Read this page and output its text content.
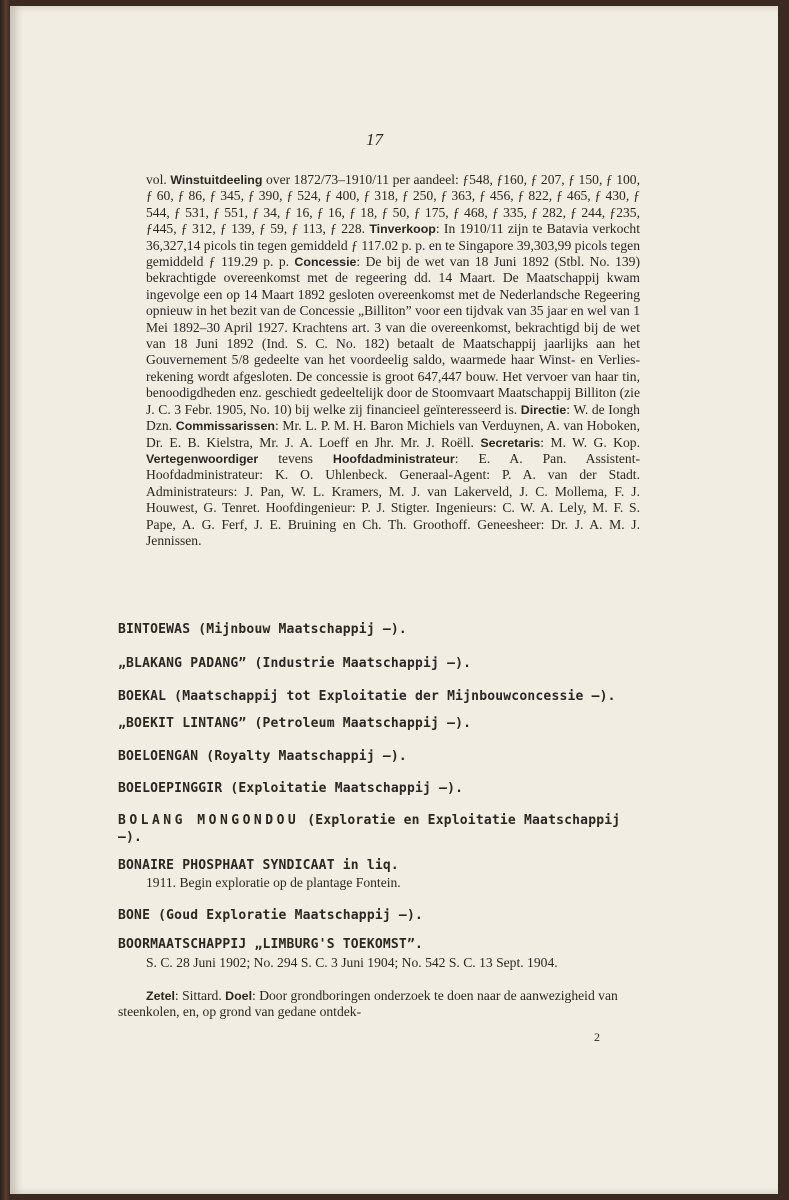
17
vol. Winstuitdeeling over 1872/73–1910/11 per aandeel: ƒ548, ƒ160, ƒ 207, ƒ 150, ƒ 100, ƒ 60, ƒ 86, ƒ 345, ƒ 390, ƒ 524, ƒ 400, ƒ 318, ƒ 250, ƒ 363, ƒ 456, ƒ 822, ƒ 465, ƒ 430, ƒ 544, ƒ 531, ƒ 551, ƒ 34, ƒ 16, ƒ 16, ƒ 18, ƒ 50, ƒ 175, ƒ 468, ƒ 335, ƒ 282, ƒ 244, ƒ235, ƒ445, ƒ 312, ƒ 139, ƒ 59, ƒ 113, ƒ 228. Tinverkoop: In 1910/11 zijn te Batavia verkocht 36,327,14 picols tin tegen gemiddeld ƒ 117.02 p. p. en te Singapore 39,303,99 picols tegen gemiddeld ƒ 119.29 p. p. Concessie: De bij de wet van 18 Juni 1892 (Stbl. No. 139) bekrachtigde overeenkomst met de regeering dd. 14 Maart. De Maatschappij kwam ingevolge een op 14 Maart 1892 gesloten overeenkomst met de Nederlandsche Regeering opnieuw in het bezit van de Concessie „Billiton” voor een tijdvak van 35 jaar en wel van 1 Mei 1892–30 April 1927. Krachtens art. 3 van die overeenkomst, bekrachtigd bij de wet van 18 Juni 1892 (Ind. S. C. No. 182) betaalt de Maatschappij jaarlijks aan het Gouvernement 5/8 gedeelte van het voordeelig saldo, waarmede haar Winst- en Verlies-rekening wordt afgesloten. De concessie is groot 647,447 bouw. Het vervoer van haar tin, benoodigdheden enz. geschiedt gedeeltelijk door de Stoomvaart Maatschappij Billiton (zie J. C. 3 Febr. 1905, No. 10) bij welke zij financieel geïnteresseerd is. Directie: W. de Iongh Dzn. Commissarissen: Mr. L. P. M. H. Baron Michiels van Verduynen, A. van Hoboken, Dr. E. B. Kielstra, Mr. J. A. Loeff en Jhr. Mr. J. Roëll. Secretaris: M. W. G. Kop. Vertegenwoordiger tevens Hoofdadministrateur: E. A. Pan. Assistent-Hoofdadministrateur: K. O. Uhlenbeck. Generaal-Agent: P. A. van der Stadt. Administrateurs: J. Pan, W. L. Kramers, M. J. van Lakerveld, J. C. Mollema, F. J. Houwest, G. Tenret. Hoofdingenieur: P. J. Stigter. Ingenieurs: C. W. A. Lely, M. F. S. Pape, A. G. Ferf, J. E. Bruining en Ch. Th. Groothoff. Geneesheer: Dr. J. A. M. J. Jennissen.
BINTOEWAS (Mijnbouw Maatschappij —).
„BLAKANG PADANG” (Industrie Maatschappij —).
BOEKAL (Maatschappij tot Exploitatie der Mijnbouwconcessie —).
„BOEKIT LINTANG” (Petroleum Maatschappij —).
BOELOENGAN (Royalty Maatschappij —).
BOELOEPINGGIR (Exploitatie Maatschappij —).
BOLANG MONGONDOU (Exploratie en Exploitatie Maatschappij —).
BONAIRE PHOSPHAAT SYNDICAAT in liq.
1911. Begin exploratie op de plantage Fontein.
BONE (Goud Exploratie Maatschappij —).
BOORMAATSCHAPPIJ „LIMBURG'S TOEKOMST”.
S. C. 28 Juni 1902; No. 294 S. C. 3 Juni 1904; No. 542 S. C. 13 Sept. 1904.
Zetel: Sittard. Doel: Door grondboringen onderzoek te doen naar de aanwezigheid van steenkolen, en, op grond van gedane ontdek-
2
